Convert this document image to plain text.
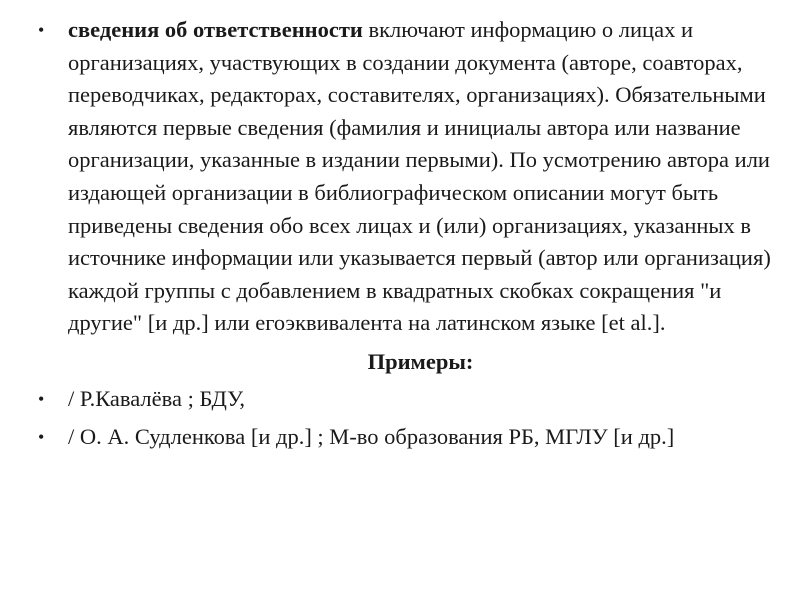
•	сведения об ответственности включают информацию о лицах и организациях, участвующих в создании документа (авторе, соавторах, переводчиках, редакторах, составителях, организациях). Обязательными являются первые сведения (фамилия и инициалы автора или название организации, указанные в издании первыми). По усмотрению автора или издающей организации в библиографическом описании могут быть приведены сведения обо всех лицах и (или) организациях, указанных в источнике информации или указывается первый (автор или организация) каждой группы с добавлением в квадратных скобках сокращения "и другие" [и др.] или егоэквивалента на латинском языке [et al.].
Примеры:
•	/ Р.Кавалёва ; БДУ,
•	/ О. А. Судленкова [и др.] ; М-во образования РБ, МГЛУ [и др.]
